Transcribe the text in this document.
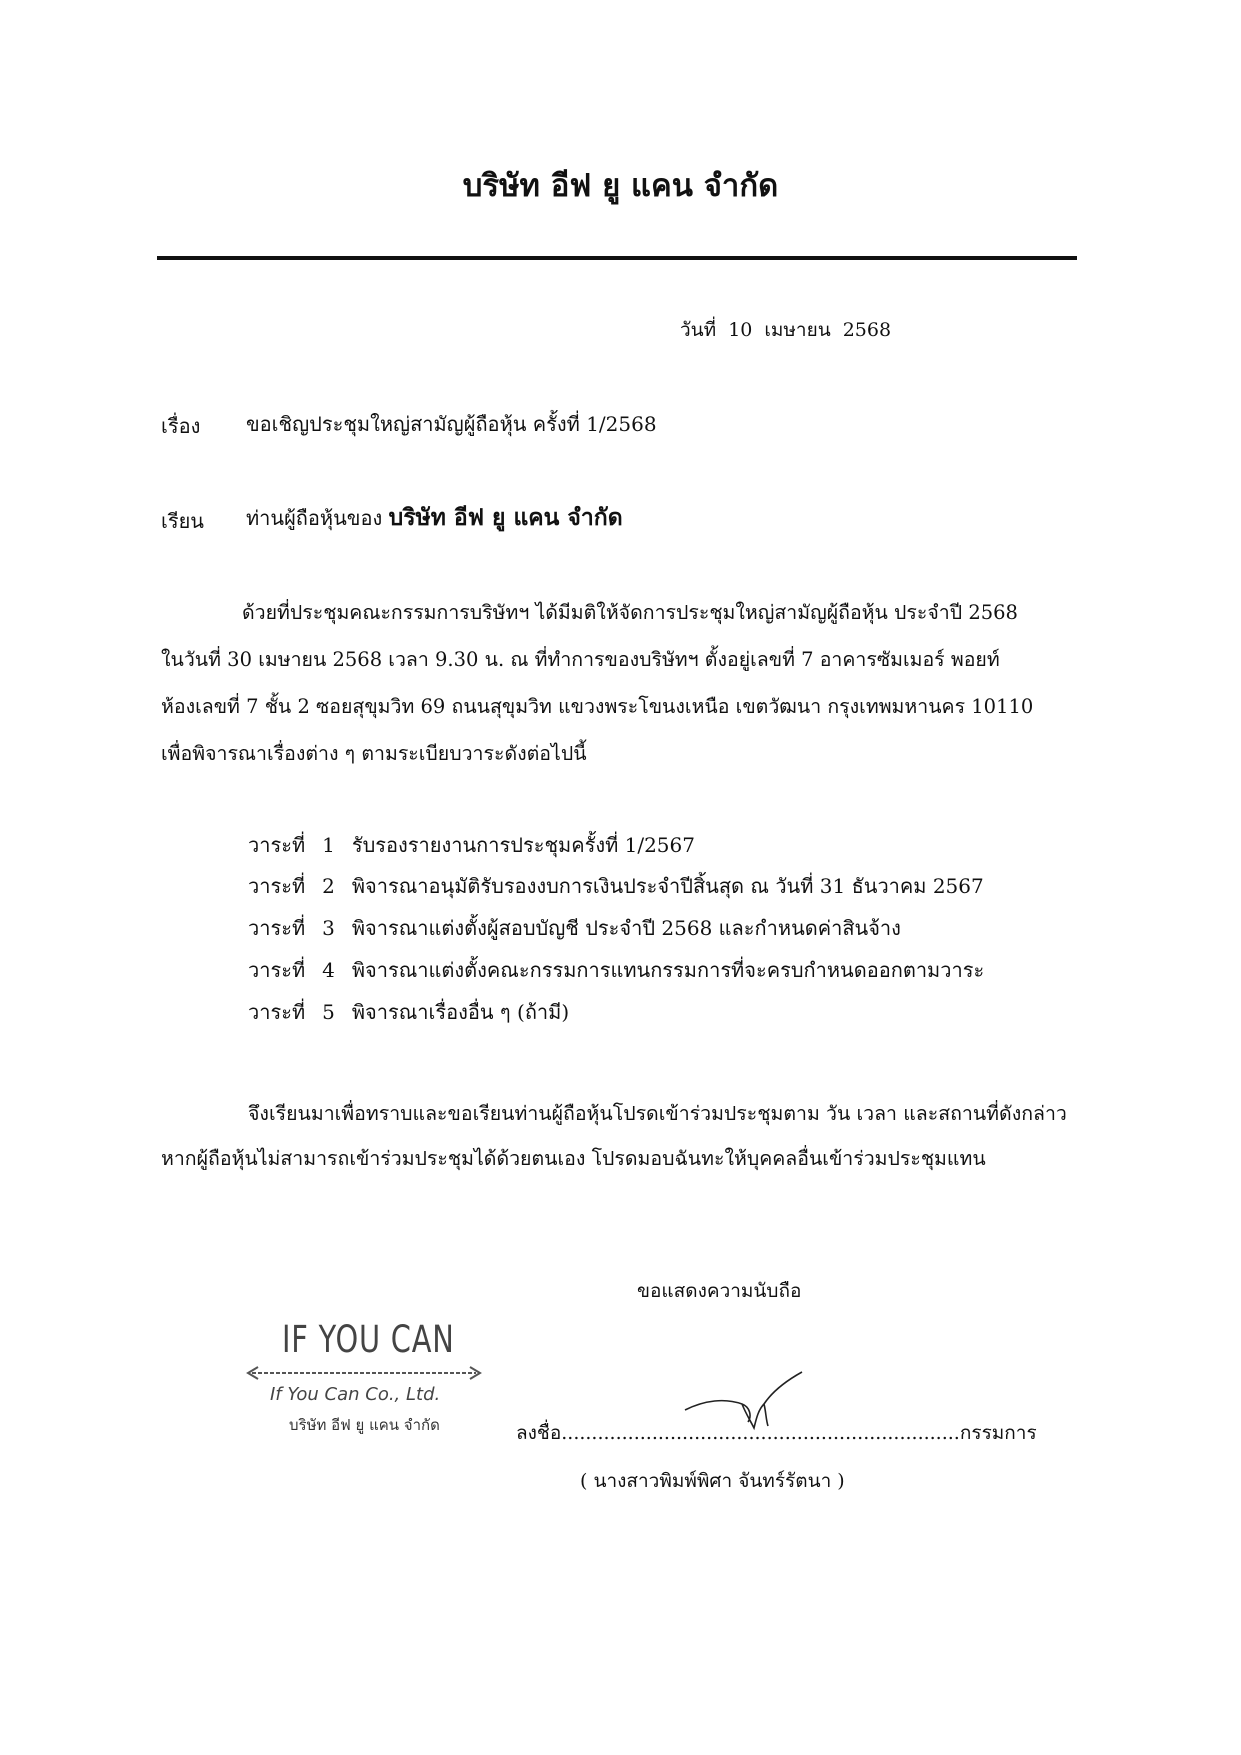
บริษัท อีฟ ยู แคน จำกัด
วันที่ 10 เมษายน 2568
เรื่อง ขอเชิญประชุมใหญ่สามัญผู้ถือหุ้น ครั้งที่ 1/2568
เรียน ท่านผู้ถือหุ้นของ บริษัท อีฟ ยู แคน จำกัด
ด้วยที่ประชุมคณะกรรมการบริษัทฯ ได้มีมติให้จัดการประชุมใหญ่สามัญผู้ถือหุ้น ประจำปี 2568
ในวันที่ 30 เมษายน 2568 เวลา 9.30 น. ณ ที่ทำการของบริษัทฯ ตั้งอยู่เลขที่ 7 อาคารซัมเมอร์ พอยท์
ห้องเลขที่ 7 ชั้น 2 ซอยสุขุมวิท 69 ถนนสุขุมวิท แขวงพระโขนงเหนือ เขตวัฒนา กรุงเทพมหานคร 10110
เพื่อพิจารณาเรื่องต่าง ๆ ตามระเบียบวาระดังต่อไปนี้
วาระที่ 1 รับรองรายงานการประชุมครั้งที่ 1/2567
วาระที่ 2 พิจารณาอนุมัติรับรองงบการเงินประจำปีสิ้นสุด ณ วันที่ 31 ธันวาคม 2567
วาระที่ 3 พิจารณาแต่งตั้งผู้สอบบัญชี ประจำปี 2568 และกำหนดค่าสินจ้าง
วาระที่ 4 พิจารณาแต่งตั้งคณะกรรมการแทนกรรมการที่จะครบกำหนดออกตามวาระ
วาระที่ 5 พิจารณาเรื่องอื่น ๆ (ถ้ามี)
จึงเรียนมาเพื่อทราบและขอเรียนท่านผู้ถือหุ้นโปรดเข้าร่วมประชุมตาม วัน เวลา และสถานที่ดังกล่าว
หากผู้ถือหุ้นไม่สามารถเข้าร่วมประชุมได้ด้วยตนเอง โปรดมอบฉันทะให้บุคคลอื่นเข้าร่วมประชุมแทน
ขอแสดงความนับถือ
IF YOU CAN
If You Can Co., Ltd.
บริษัท อีฟ ยู แคน จำกัด	ลงชื่อ..................................................................กรรมการ
( นางสาวพิมพ์พิศา จันทร์รัตนา )
